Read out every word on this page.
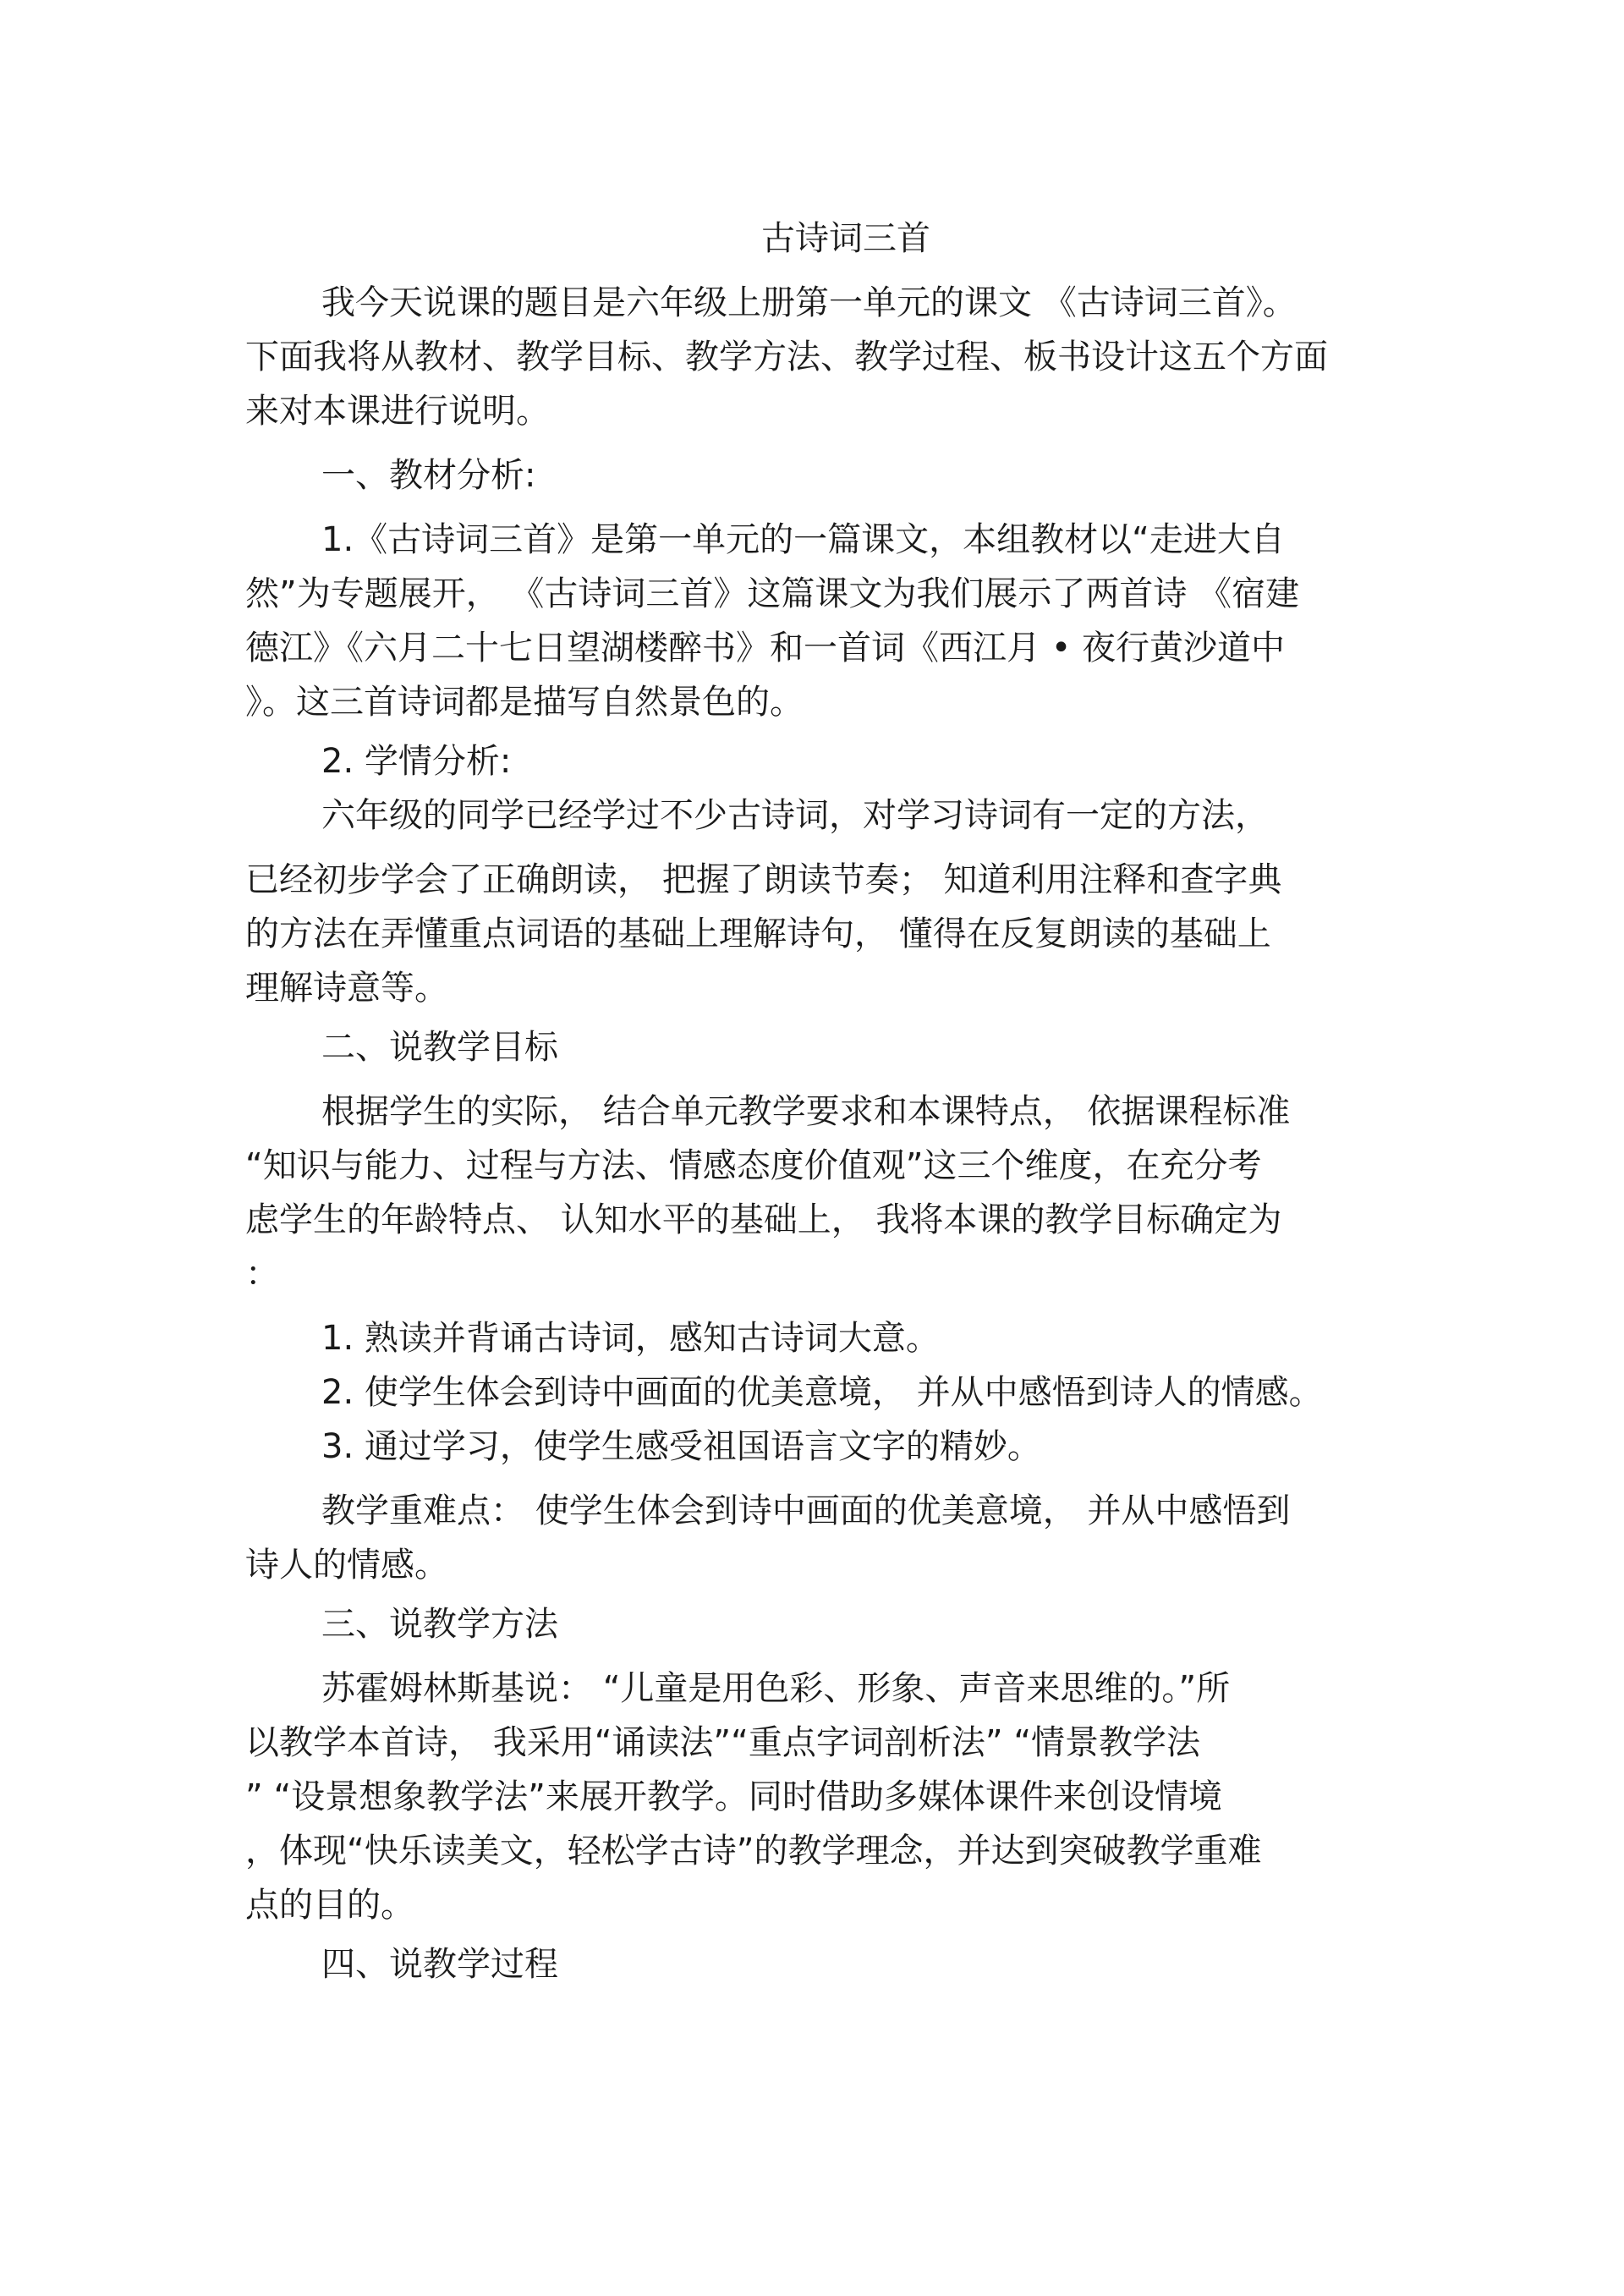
古诗词三首

我今天说课的题目是六年级上册第一单元的课文 《古诗词三首》。

下面我将从教材、教学目标、教学方法、教学过程、板书设计这五个方面

来对本课进行说明。

一、教材分析:

1.《古诗词三首》是第一单元的一篇课文，本组教材以“走进大自

然”为专题展开， 《古诗词三首》这篇课文为我们展示了两首诗 《宿建

德江》《六月二十七日望湖楼醉书》和一首词《西江月 • 夜行黄沙道中

》。这三首诗词都是描写自然景色的。

2. 学情分析:

六年级的同学已经学过不少古诗词，对学习诗词有一定的方法，

已经初步学会了正确朗读， 把握了朗读节奏； 知道利用注释和查字典

的方法在弄懂重点词语的基础上理解诗句， 懂得在反复朗读的基础上

理解诗意等。

二、说教学目标

根据学生的实际， 结合单元教学要求和本课特点， 依据课程标准

“知识与能力、过程与方法、情感态度价值观”这三个维度，在充分考

虑学生的年龄特点、 认知水平的基础上， 我将本课的教学目标确定为

：

1. 熟读并背诵古诗词，感知古诗词大意。

2. 使学生体会到诗中画面的优美意境， 并从中感悟到诗人的情感。

3. 通过学习，使学生感受祖国语言文字的精妙。

教学重难点： 使学生体会到诗中画面的优美意境， 并从中感悟到

诗人的情感。

三、说教学方法

苏霍姆林斯基说： “儿童是用色彩、形象、声音来思维的。”所

以教学本首诗， 我采用“诵读法”“重点字词剖析法” “情景教学法

” “设景想象教学法”来展开教学。同时借助多媒体课件来创设情境

，体现“快乐读美文，轻松学古诗”的教学理念，并达到突破教学重难

点的目的。

四、说教学过程
